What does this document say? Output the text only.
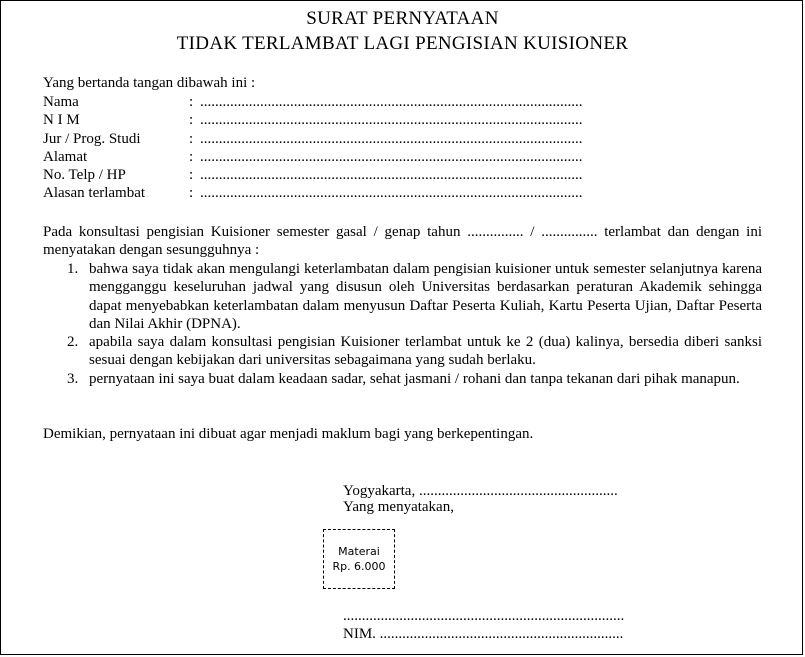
SURAT PERNYATAAN
TIDAK TERLAMBAT LAGI PENGISIAN KUISIONER
Yang bertanda tangan dibawah ini :
Nama	: ......................................................................................................
N I M	: ......................................................................................................
Jur / Prog. Studi	: ......................................................................................................
Alamat	: ......................................................................................................
No. Telp / HP	: ......................................................................................................
Alasan terlambat	: ......................................................................................................
Pada konsultasi pengisian Kuisioner semester gasal / genap tahun ............... / ............... terlambat dan dengan ini menyatakan dengan sesungguhnya :
1. bahwa saya tidak akan mengulangi keterlambatan dalam pengisian kuisioner untuk semester selanjutnya karena mengganggu keseluruhan jadwal yang disusun oleh Universitas berdasarkan peraturan Akademik sehingga dapat menyebabkan keterlambatan dalam menyusun Daftar Peserta Kuliah, Kartu Peserta Ujian, Daftar Peserta dan Nilai Akhir (DPNA).
2. apabila saya dalam konsultasi pengisian Kuisioner terlambat untuk ke 2 (dua) kalinya, bersedia diberi sanksi sesuai dengan kebijakan dari universitas sebagaimana yang sudah berlaku.
3. pernyataan ini saya buat dalam keadaan sadar, sehat jasmani / rohani dan tanpa tekanan dari pihak manapun.
Demikian, pernyataan ini dibuat agar menjadi maklum bagi yang berkepentingan.
Yogyakarta, .....................................................
Yang menyatakan,
Materai
Rp. 6.000
...........................................................................
NIM. .................................................................
